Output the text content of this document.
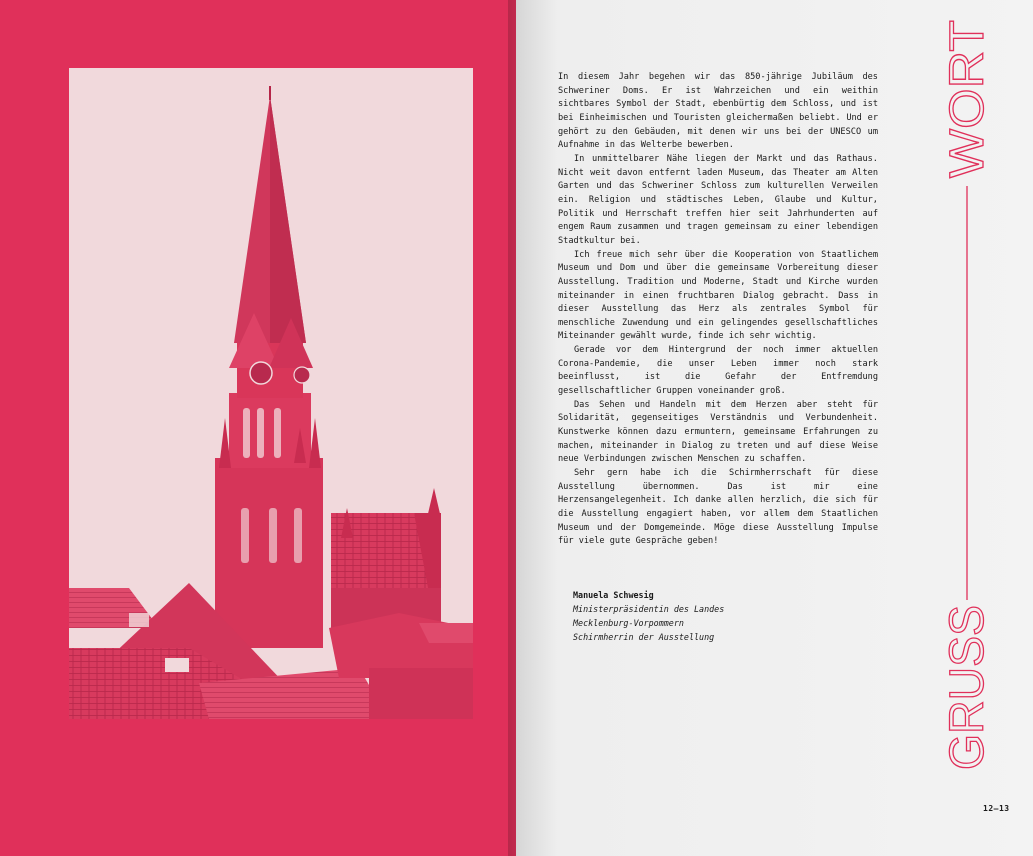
In diesem Jahr begehen wir das 850-jährige Jubiläum des Schweriner Doms. Er ist Wahrzeichen und ein weithin sichtbares Symbol der Stadt, ebenbürtig dem Schloss, und ist bei Einheimischen und Touristen gleichermaßen beliebt. Und er gehört zu den Gebäuden, mit denen wir uns bei der UNESCO um Aufnahme in das Welterbe bewerben.

In unmittelbarer Nähe liegen der Markt und das Rathaus. Nicht weit davon entfernt laden Museum, das Theater am Alten Garten und das Schweriner Schloss zum kulturellen Verweilen ein. Religion und städtisches Leben, Glaube und Kultur, Politik und Herrschaft treffen hier seit Jahrhunderten auf engem Raum zusammen und tragen gemeinsam zu einer lebendigen Stadtkultur bei.

Ich freue mich sehr über die Kooperation von Staatlichem Museum und Dom und über die gemeinsame Vorbereitung dieser Ausstellung. Tradition und Moderne, Stadt und Kirche wurden miteinander in einen fruchtbaren Dialog gebracht. Dass in dieser Ausstellung das Herz als zentrales Symbol für menschliche Zuwendung und ein gelingendes gesellschaftliches Miteinander gewählt wurde, finde ich sehr wichtig.

Gerade vor dem Hintergrund der noch immer aktuellen Corona-Pandemie, die unser Leben immer noch stark beeinflusst, ist die Gefahr der Entfremdung gesellschaftlicher Gruppen voneinander groß.

Das Sehen und Handeln mit dem Herzen aber steht für Solidarität, gegenseitiges Verständnis und Verbundenheit. Kunstwerke können dazu ermuntern, gemeinsame Erfahrungen zu machen, miteinander in Dialog zu treten und auf diese Weise neue Verbindungen zwischen Menschen zu schaffen.

Sehr gern habe ich die Schirmherrschaft für diese Ausstellung übernommen. Das ist mir eine Herzensangelegenheit. Ich danke allen herzlich, die sich für die Ausstellung engagiert haben, vor allem dem Staatlichen Museum und der Domgemeinde. Möge diese Ausstellung Impulse für viele gute Gespräche geben!

Manuela Schwesig
Ministerpräsidentin des Landes
Mecklenburg-Vorpommern
Schirmherrin der Ausstellung	GRUSS
WORT
12—13
